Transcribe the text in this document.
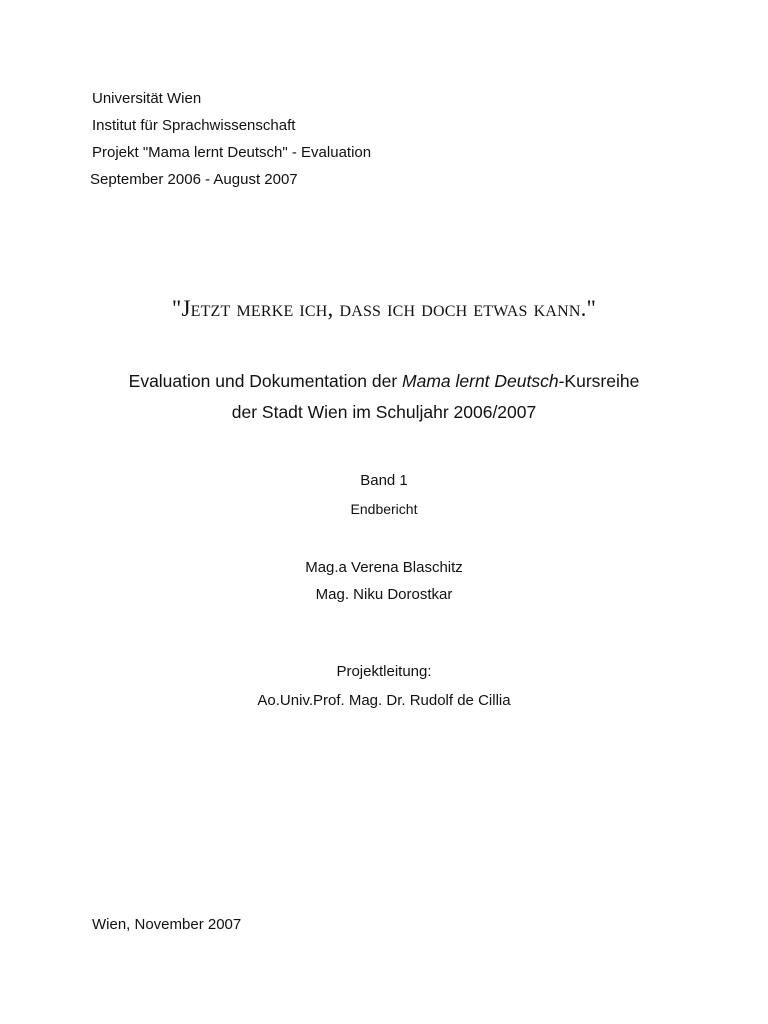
Universität Wien
Institut für Sprachwissenschaft
Projekt "Mama lernt Deutsch" - Evaluation
September 2006 - August 2007
"Jetzt merke ich, dass ich doch etwas kann."
Evaluation und Dokumentation der Mama lernt Deutsch-Kursreihe
der Stadt Wien im Schuljahr 2006/2007
Band 1
Endbericht
Mag.a Verena Blaschitz
Mag. Niku Dorostkar
Projektleitung:
Ao.Univ.Prof. Mag. Dr. Rudolf de Cillia
Wien, November 2007
